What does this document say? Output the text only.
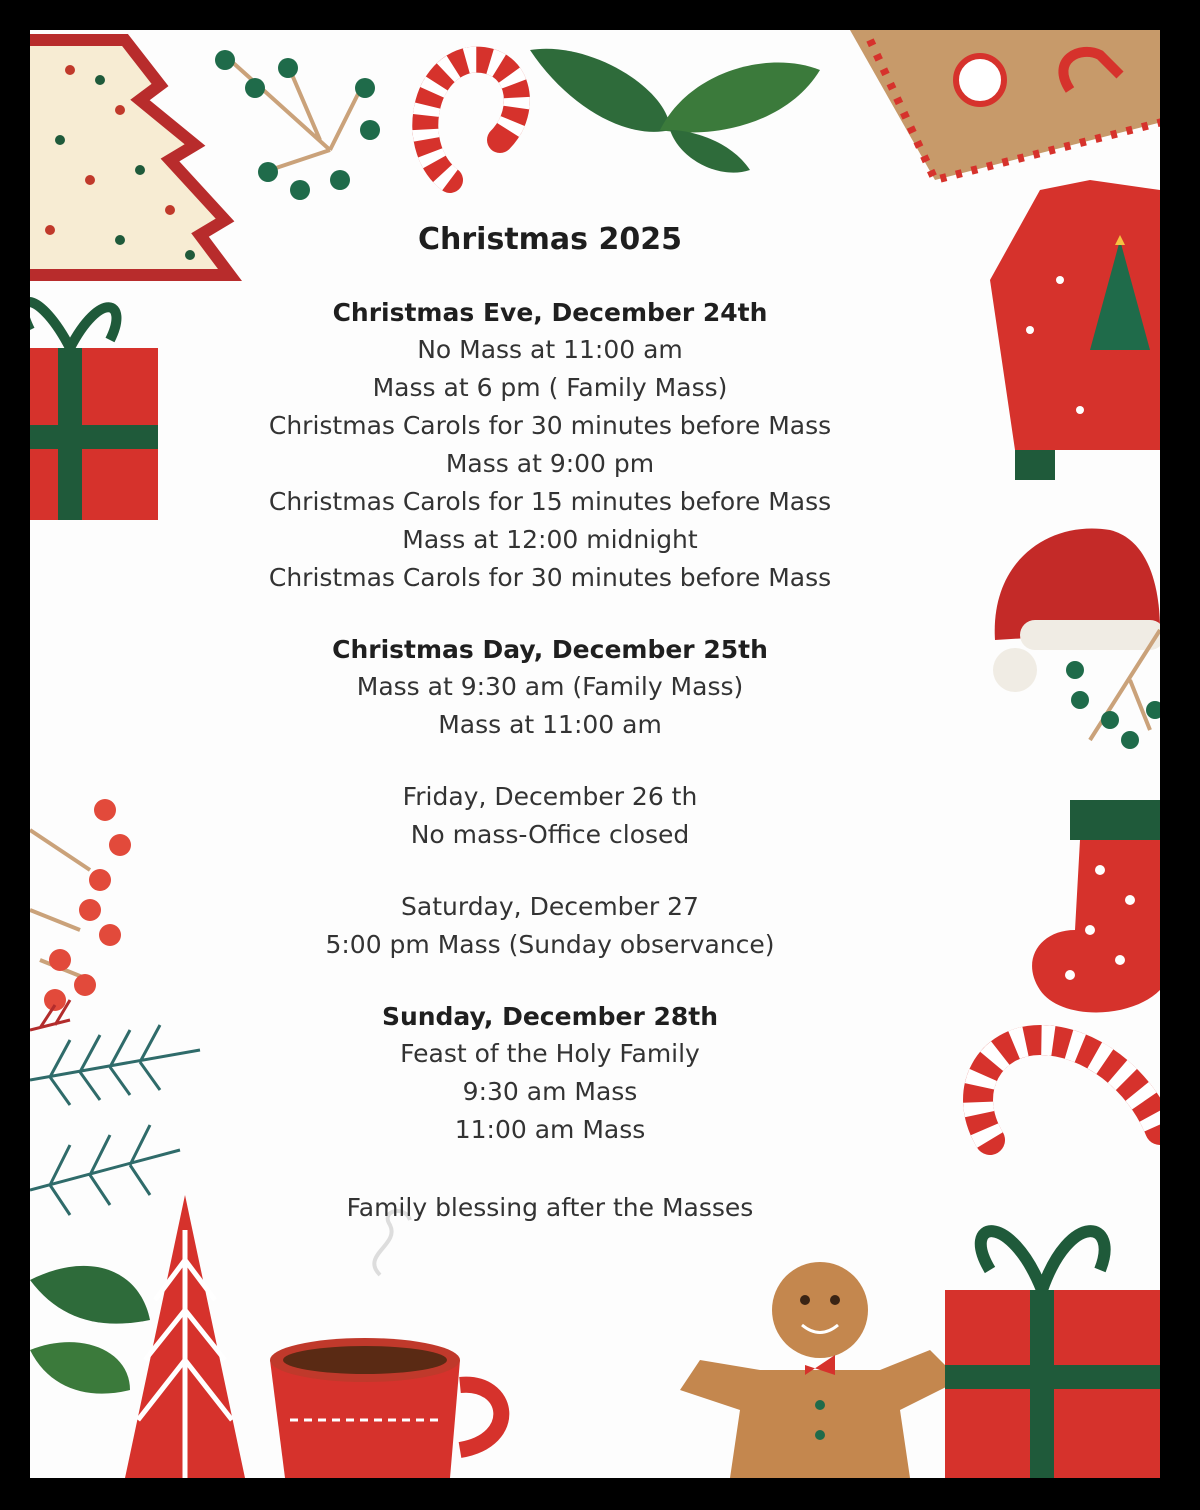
Christmas 2025
Christmas Eve, December 24th
No Mass at 11:00 am
Mass at 6 pm ( Family Mass)
Christmas Carols for 30 minutes before Mass
Mass at 9:00 pm
Christmas Carols for 15 minutes before Mass
Mass at 12:00 midnight
Christmas Carols for 30 minutes before Mass
Christmas Day, December 25th
Mass at 9:30 am (Family Mass)
Mass at 11:00 am
Friday, December 26 th
No mass-Office closed
Saturday, December 27
5:00 pm Mass (Sunday observance)
Sunday, December 28th
Feast of the Holy Family
9:30 am Mass
11:00 am Mass
Family blessing after the Masses
